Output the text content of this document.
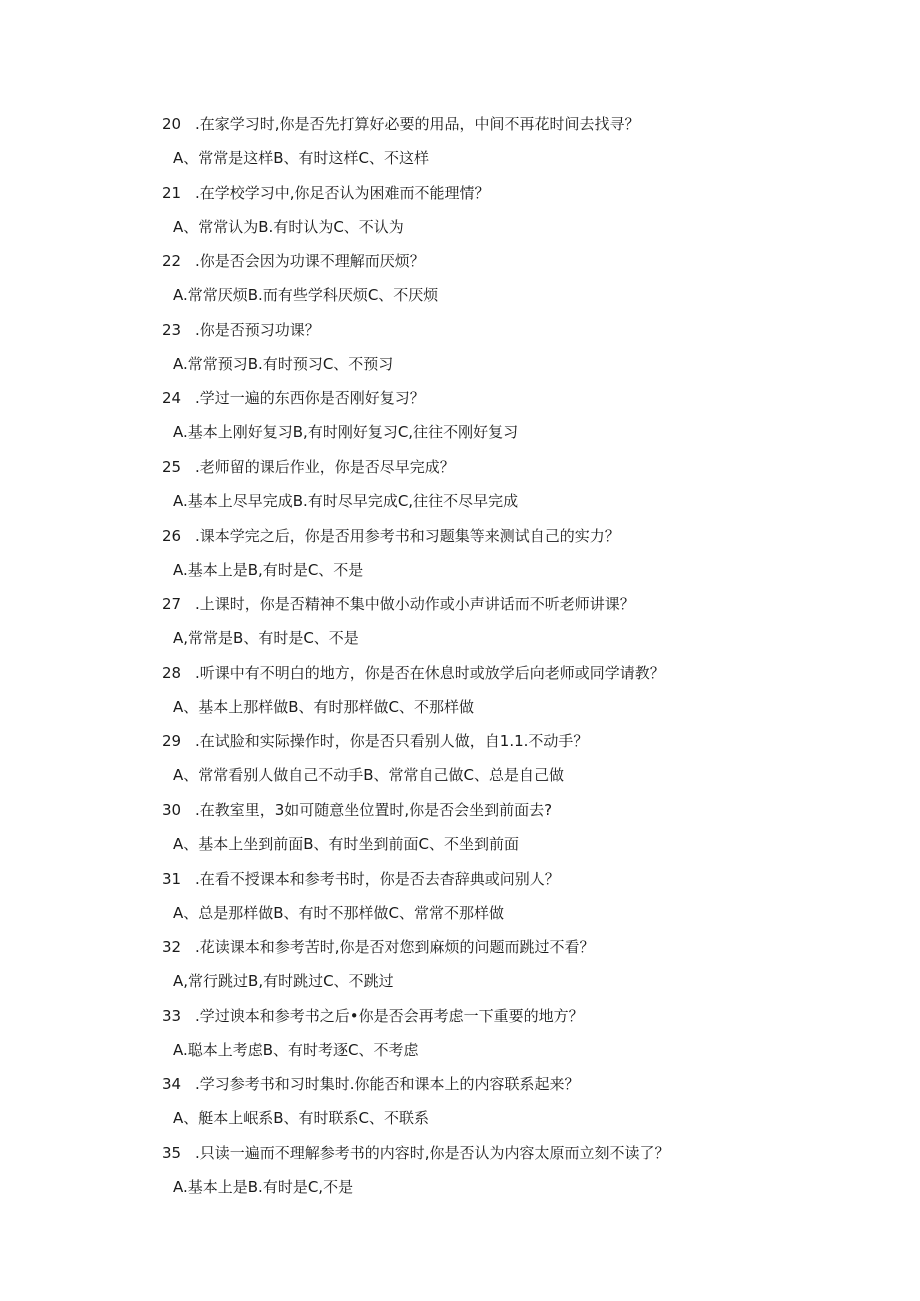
20 .在家学习时,你是否先打算好必要的用品，中间不再花时间去找寻？
A、常常是这样B、有时这样C、不这样
21 .在学校学习中,你足否认为困难而不能理情？
A、常常认为B.有时认为C、不认为
22 .你是否会因为功课不理解而厌烦？
A.常常厌烦B.而有些学科厌烦C、不厌烦
23 .你是否预习功课？
A.常常预习B.有时预习C、不预习
24 .学过一遍的东西你是否刚好复习？
A.基本上刚好复习B,有时刚好复习C,往往不刚好复习
25 .老师留的课后作业，你是否尽早完成？
A.基本上尽早完成B.有时尽早完成C,往往不尽早完成
26 .课本学完之后，你是否用参考书和习题集等来测试自己的实力？
A.基本上是B,有时是C、不是
27 .上课时，你是否精神不集中做小动作或小声讲话而不听老师讲课？
A,常常是B、有时是C、不是
28 .听课中有不明白的地方，你是否在休息时或放学后向老师或同学请教？
A、基本上那样做B、有时那样做C、不那样做
29 .在试脸和实际操作时，你是否只看别人做，自1.1.不动手？
A、常常看别人做自己不动手B、常常自己做C、总是自己做
30 .在教室里，3如可随意坐位置时,你是否会坐到前面去?
A、基本上坐到前面B、有时坐到前面C、不坐到前面
31 .在看不授课本和参考书时，你是否去杳辞典或问别人？
A、总是那样做B、有时不那样做C、常常不那样做
32 .花读课本和参考苦时,你是否对您到麻烦的问题而跳过不看？
A,常行跳过B,有时跳过C、不跳过
33 .学过谀本和参考书之后•你是否会再考虑一下重要的地方？
A.聪本上考虑B、有时考逐C、不考虑
34 .学习参考书和习时集时.你能否和课本上的内容联系起来？
A、艇本上岷系B、有时联系C、不联系
35 .只读一遍而不理解参考书的内容时,你是否认为内容太原而立刻不读了？
A.基本上是B.有时是C,不是
